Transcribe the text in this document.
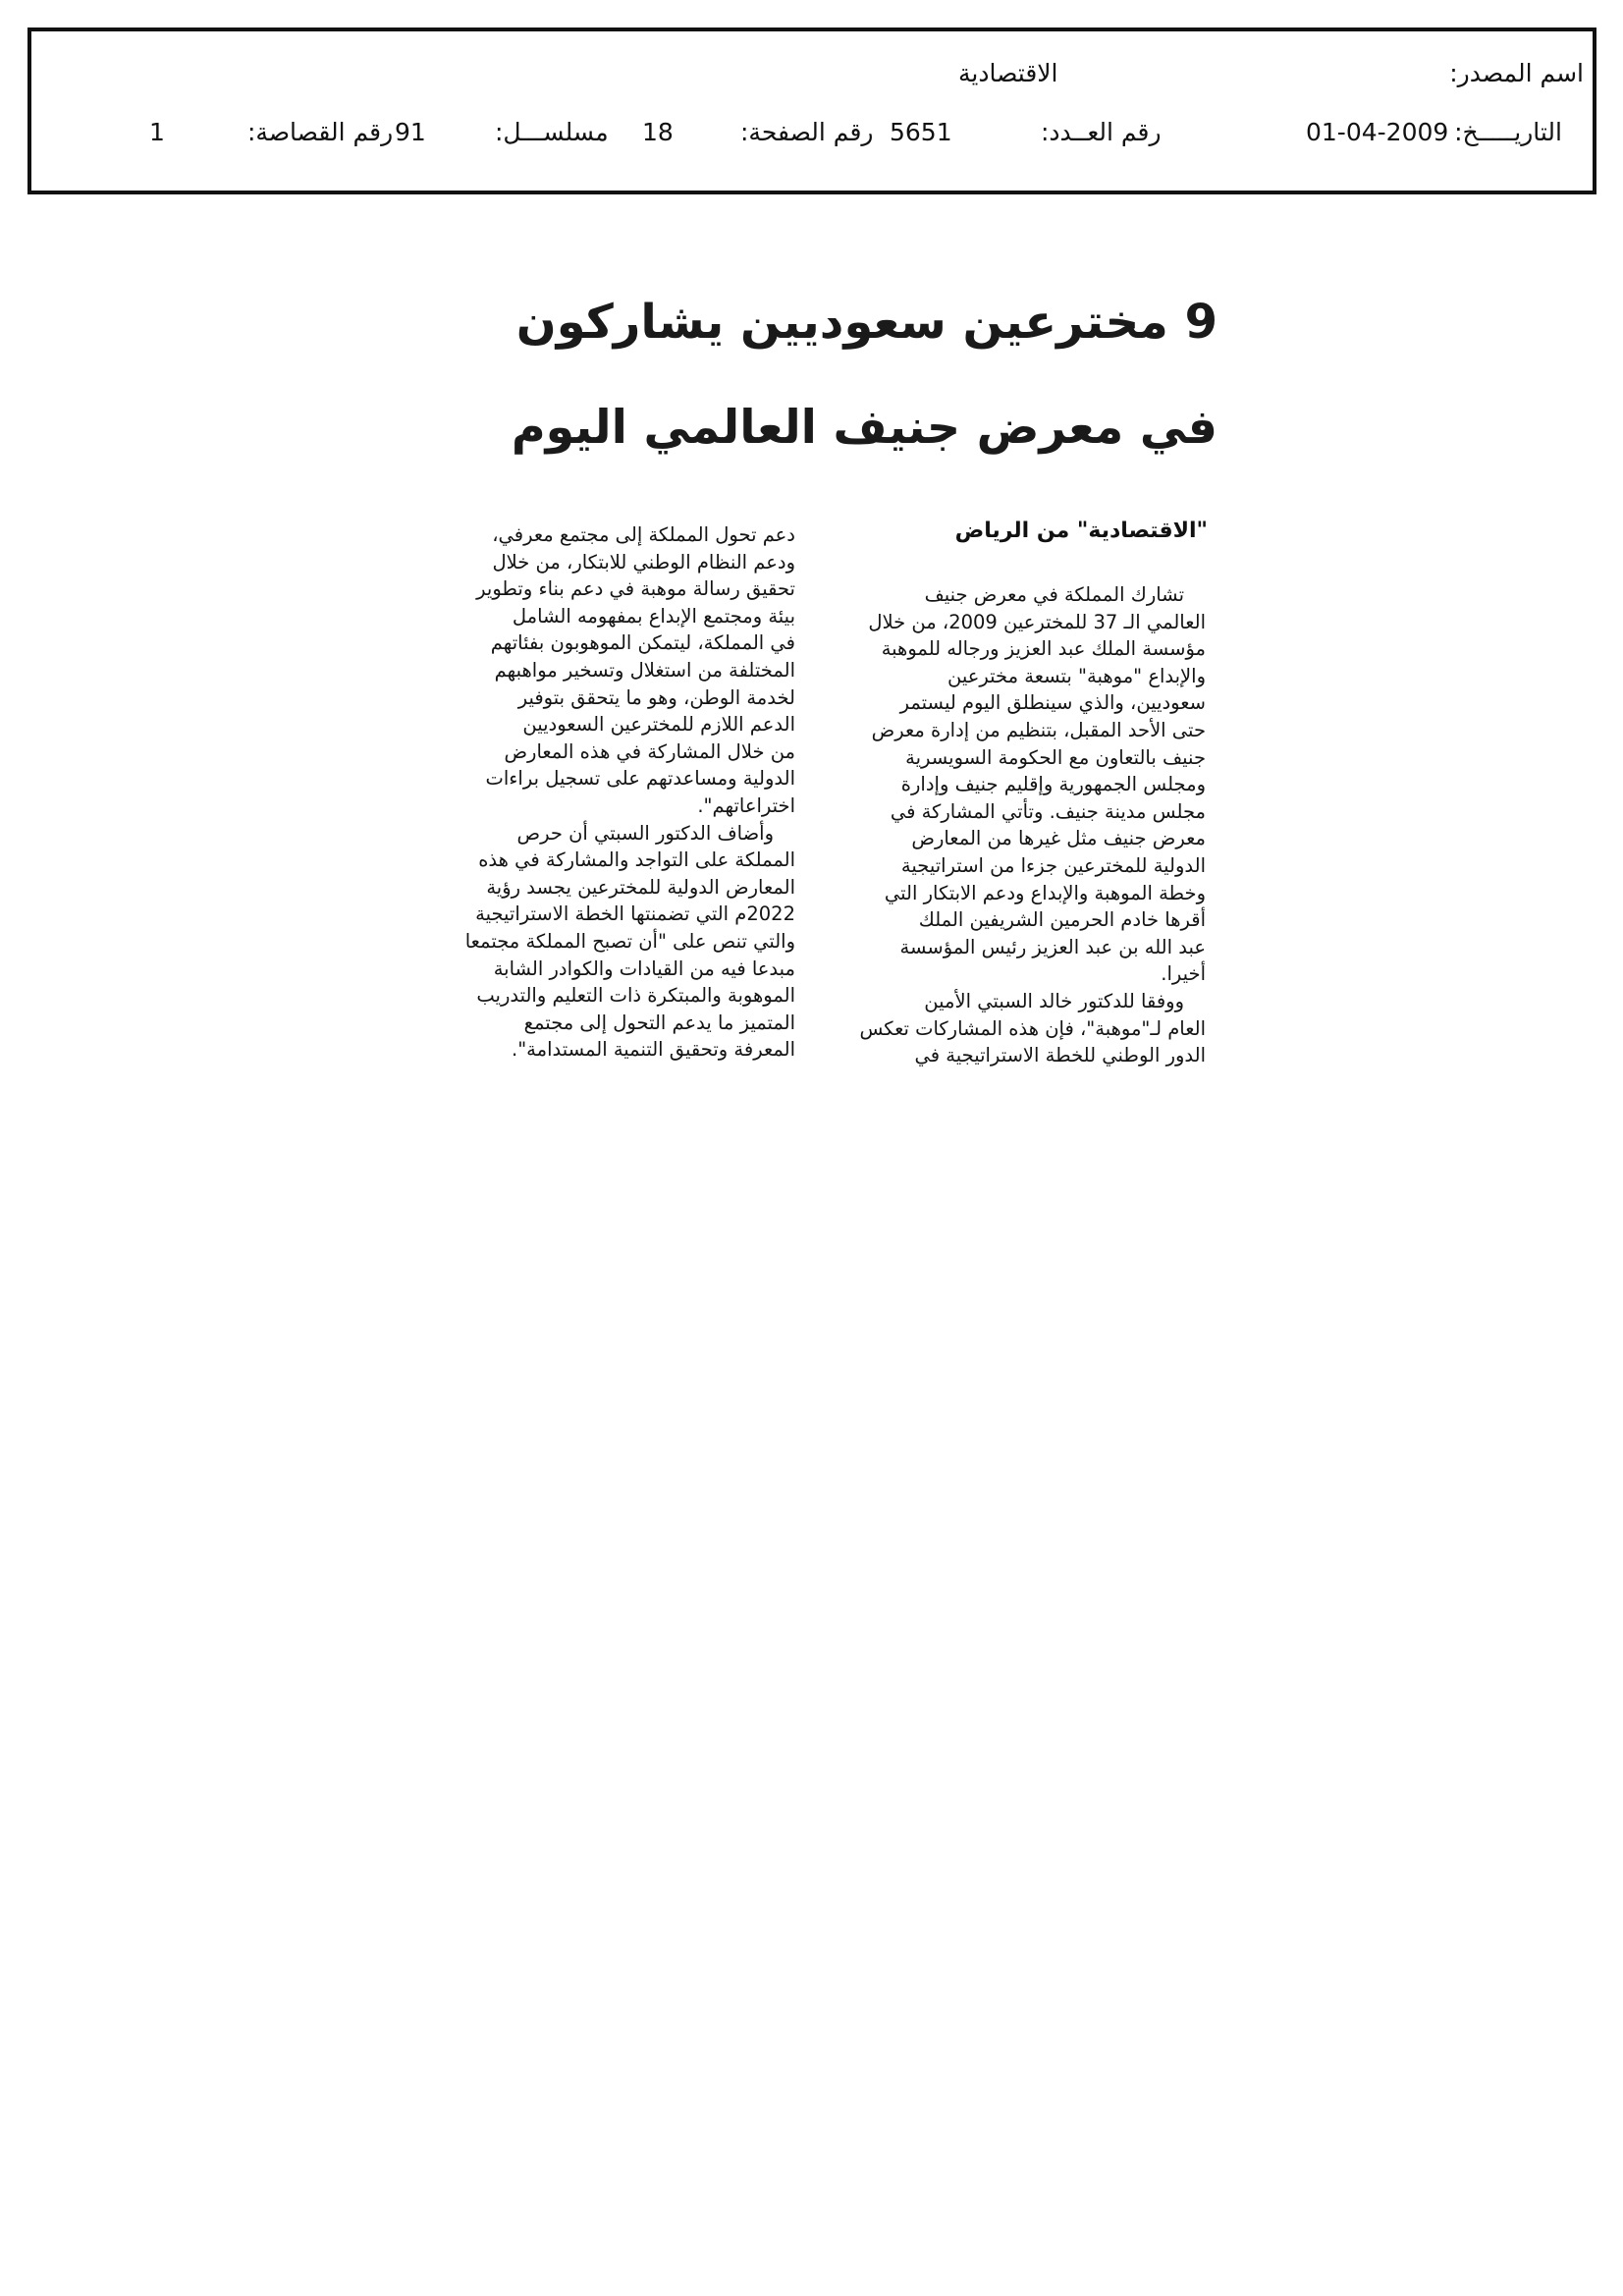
اسم المصدر:
الاقتصادية
التاريـــــخ:
01-04-2009
رقم العــدد:
5651
رقم الصفحة:
18
مسلســـل:
91
رقم القصاصة:
1
9 مخترعين سعوديين يشاركون
في معرض جنيف العالمي اليوم
"الاقتصادية" من الرياض
تشارك المملكة في معرض جنيف
العالمي الـ 37 للمخترعين 2009، من خلال
مؤسسة الملك عبد العزيز ورجاله للموهبة
والإبداع "موهبة" بتسعة مخترعين
سعوديين، والذي سينطلق اليوم ليستمر
حتى الأحد المقبل، بتنظيم من إدارة معرض
جنيف بالتعاون مع الحكومة السويسرية
ومجلس الجمهورية وإقليم جنيف وإدارة
مجلس مدينة جنيف. وتأتي المشاركة في
معرض جنيف مثل غيرها من المعارض
الدولية للمخترعين جزءا من استراتيجية
وخطة الموهبة والإبداع ودعم الابتكار التي
أقرها خادم الحرمين الشريفين الملك
عبد الله بن عبد العزيز رئيس المؤسسة
أخيرا.
ووفقا للدكتور خالد السبتي الأمين
العام لـ"موهبة"، فإن هذه المشاركات تعكس
الدور الوطني للخطة الاستراتيجية في
دعم تحول المملكة إلى مجتمع معرفي،
ودعم النظام الوطني للابتكار، من خلال
تحقيق رسالة موهبة في دعم بناء وتطوير
بيئة ومجتمع الإبداع بمفهومه الشامل
في المملكة، ليتمكن الموهوبون بفئاتهم
المختلفة من استغلال وتسخير مواهبهم
لخدمة الوطن، وهو ما يتحقق بتوفير
الدعم اللازم للمخترعين السعوديين
من خلال المشاركة في هذه المعارض
الدولية ومساعدتهم على تسجيل براءات
اختراعاتهم".
وأضاف الدكتور السبتي أن حرص
المملكة على التواجد والمشاركة في هذه
المعارض الدولية للمخترعين يجسد رؤية
2022م التي تضمنتها الخطة الاستراتيجية
والتي تنص على "أن تصبح المملكة مجتمعا
مبدعا فيه من القيادات والكوادر الشابة
الموهوبة والمبتكرة ذات التعليم والتدريب
المتميز ما يدعم التحول إلى مجتمع
المعرفة وتحقيق التنمية المستدامة".
